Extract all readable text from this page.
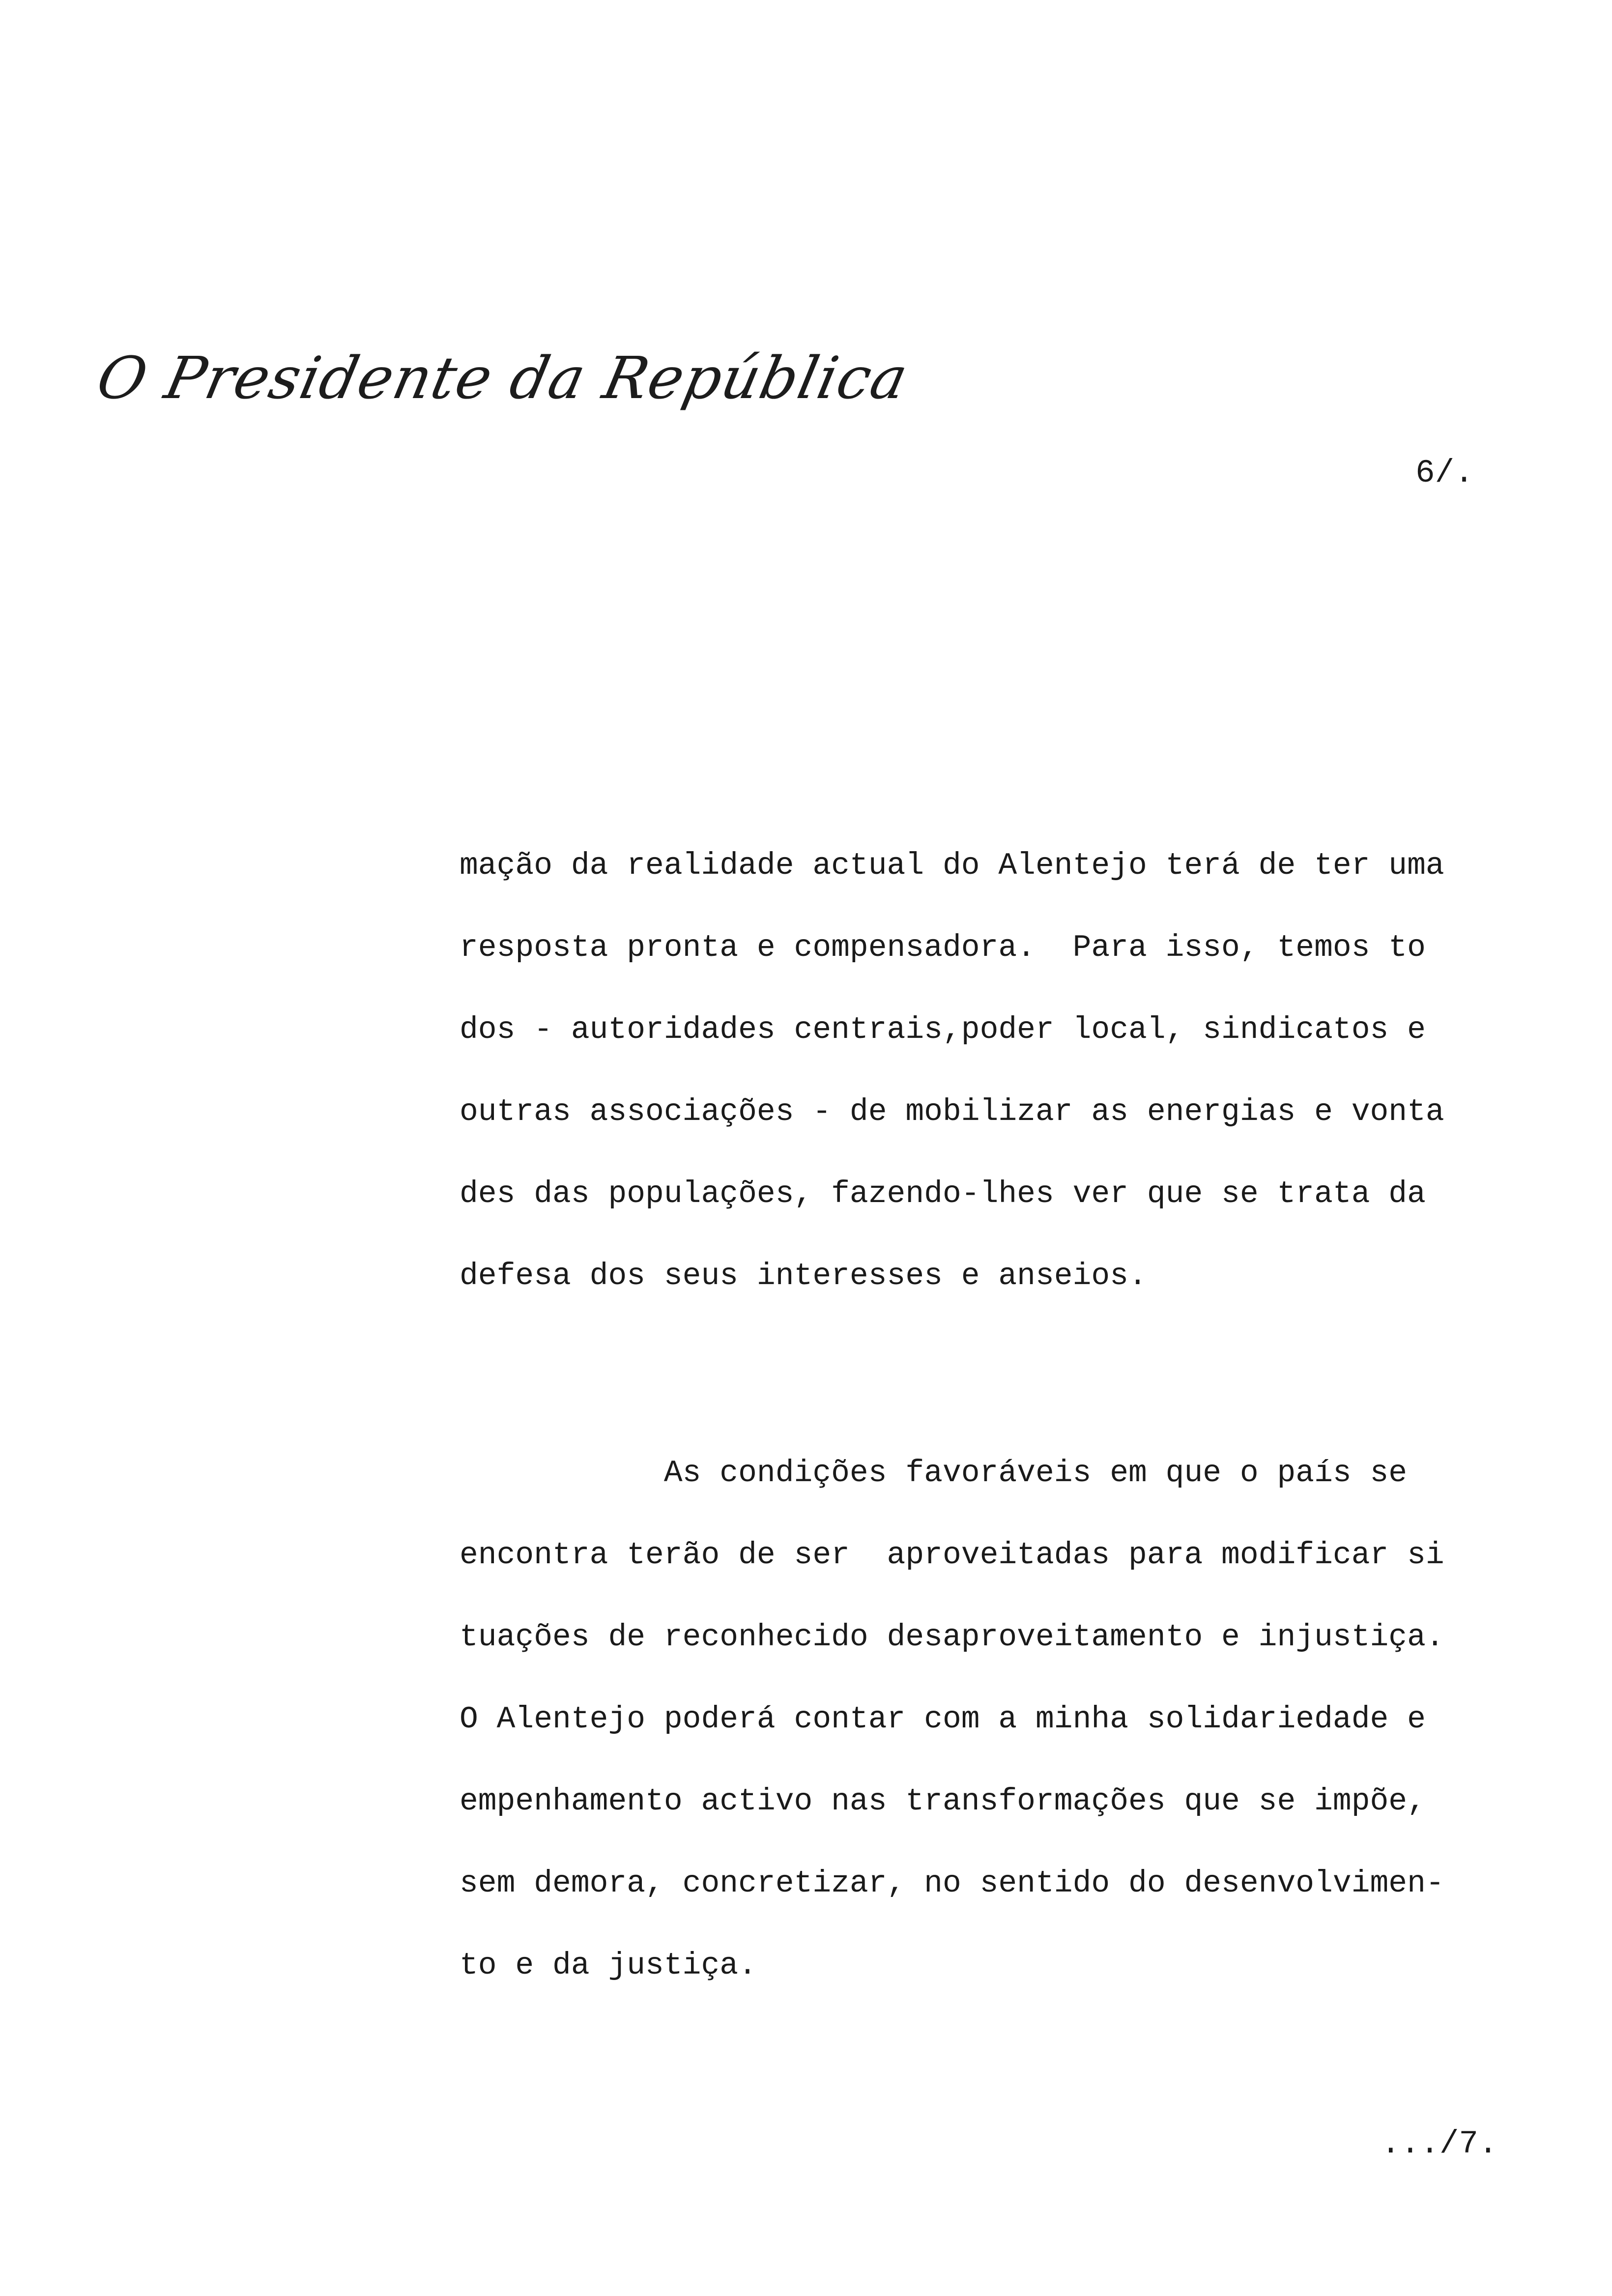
O Presidente da República
6/.
mação da realidade actual do Alentejo terá de ter uma
resposta pronta e compensadora.  Para isso, temos to
dos - autoridades centrais,poder local, sindicatos e
outras associações - de mobilizar as energias e vonta
des das populações, fazendo-lhes ver que se trata da
defesa dos seus interesses e anseios.
As condições favoráveis em que o país se
encontra terão de ser  aproveitadas para modificar si
tuações de reconhecido desaproveitamento e injustiça.
O Alentejo poderá contar com a minha solidariedade e
empenhamento activo nas transformações que se impõe,
sem demora, concretizar, no sentido do desenvolvimen-
to e da justiça.
.../7.
